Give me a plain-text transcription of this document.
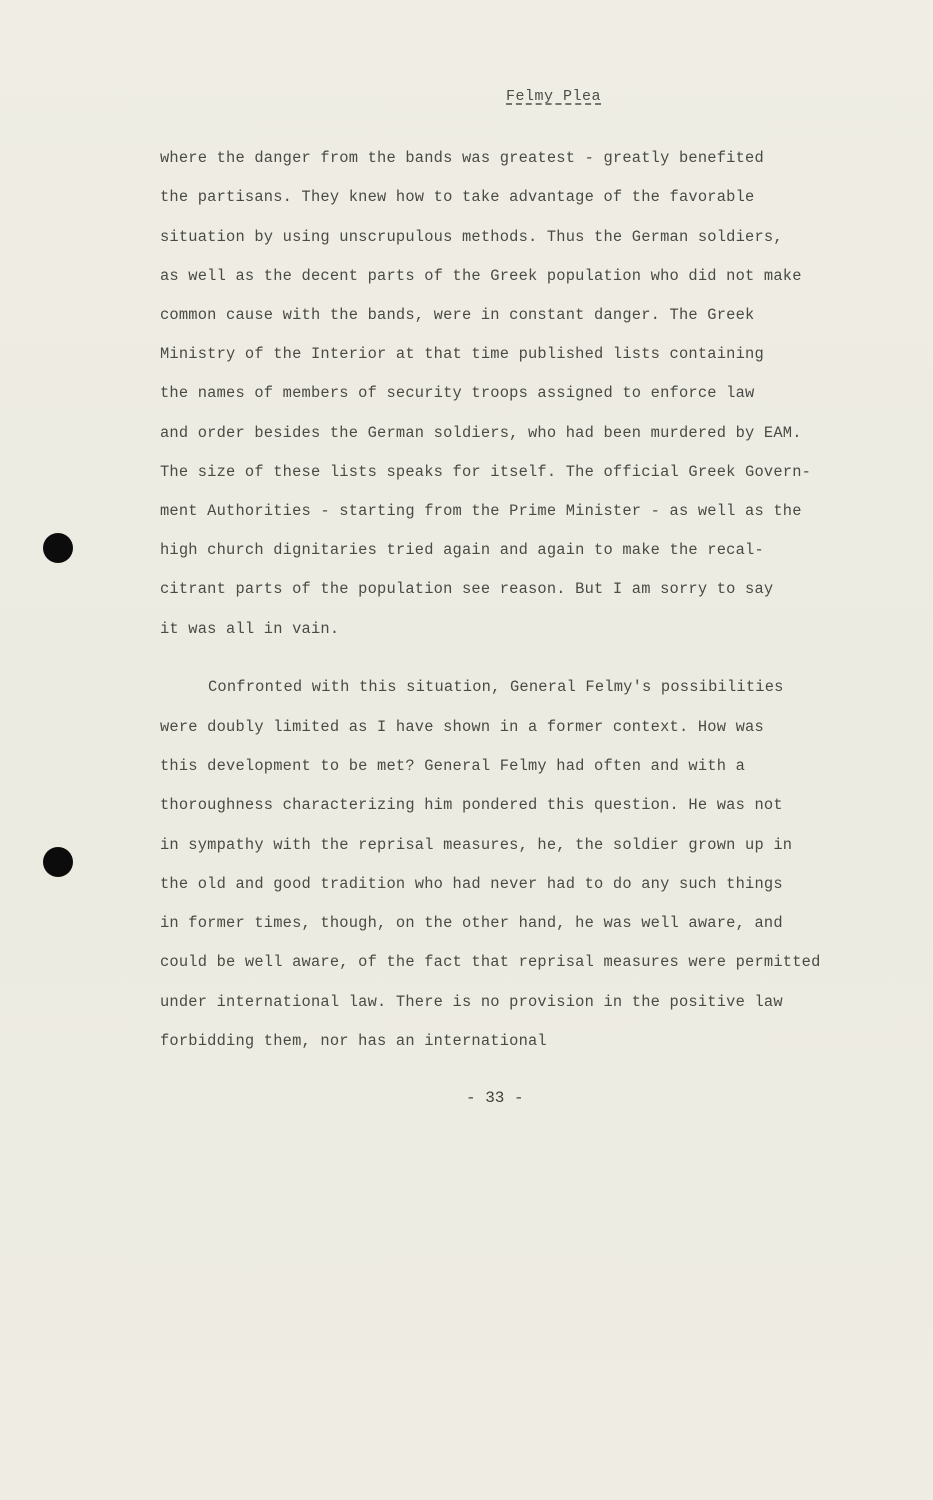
Felmy Plea
where the danger from the bands was greatest - greatly benefited
the partisans. They knew how to take advantage of the favorable
situation by using unscrupulous methods. Thus the German soldiers,
as well as the decent parts of the Greek population who did not make
common cause with the bands, were in constant danger. The Greek
Ministry of the Interior at that time published lists containing
the names of members of security troops assigned to enforce law
and order besides the German soldiers, who had been murdered by EAM.
The size of these lists speaks for itself. The official Greek Govern-
ment Authorities - starting from the Prime Minister - as well as the
high church dignitaries tried again and again to make the recal-
citrant parts of the population see reason. But I am sorry to say
it was all in vain.
Confronted with this situation, General Felmy's possibilities
were doubly limited as I have shown in a former context. How was
this development to be met? General Felmy had often and with a
thoroughness characterizing him pondered this question. He was not
in sympathy with the reprisal measures, he, the soldier grown up in
the old and good tradition who had never had to do any such things
in former times, though, on the other hand, he was well aware, and
could be well aware, of the fact that reprisal measures were permitted
under international law. There is no provision in the positive law
forbidding them, nor has an international
- 33 -
